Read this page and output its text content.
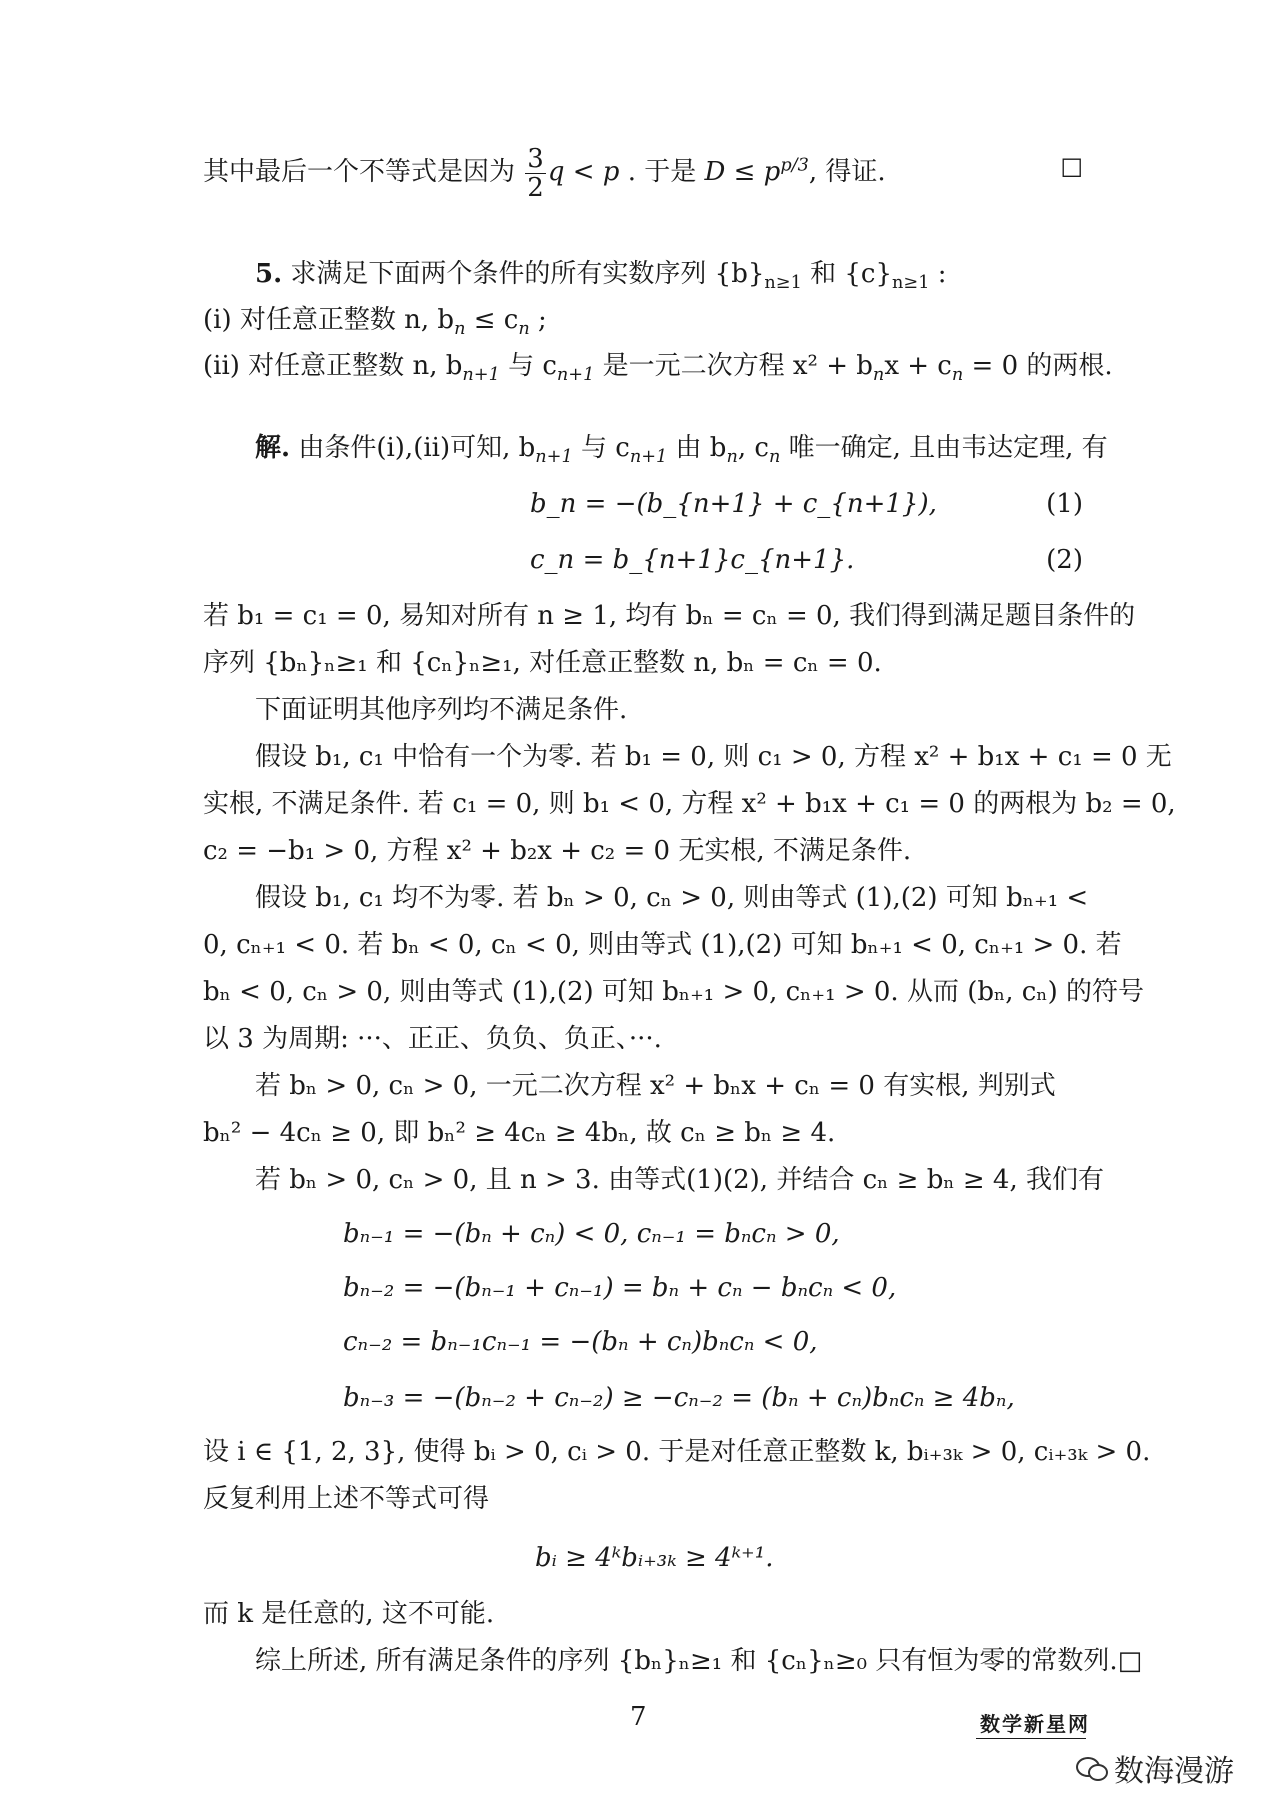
其中最后一个不等式是因为 $\frac{3}{2}$ q < p . 于是 $D \le p^{p/3}$, 得证.	□
5. 求满足下面两个条件的所有实数序列 $\{b\}_{n\ge 1}$ 和 $\{c\}_{n\ge 1}$ :
(i) 对任意正整数 n, $b_n \le c_n$ ;
(ii) 对任意正整数 n, $b_{n+1}$ 与 $c_{n+1}$ 是一元二次方程 $x^2 + b_nx + c_n = 0$ 的两根.
解. 由条件(i),(ii)可知, $b_{n+1}$ 与 $c_{n+1}$ 由 $b_n$, $c_n$ 唯一确定, 且由韦达定理, 有
b_n = −(b_{n+1} + c_{n+1}),	(1)
c_n = b_{n+1}c_{n+1}.	(2)
若 b₁ = c₁ = 0, 易知对所有 n ≥ 1, 均有 bₙ = cₙ = 0, 我们得到满足题目条件的
序列 {bₙ}ₙ≥₁ 和 {cₙ}ₙ≥₁, 对任意正整数 n, bₙ = cₙ = 0.
下面证明其他序列均不满足条件.
假设 b₁, c₁ 中恰有一个为零. 若 b₁ = 0, 则 c₁ > 0, 方程 x² + b₁x + c₁ = 0 无
实根, 不满足条件. 若 c₁ = 0, 则 b₁ < 0, 方程 x² + b₁x + c₁ = 0 的两根为 b₂ = 0,
c₂ = −b₁ > 0, 方程 x² + b₂x + c₂ = 0 无实根, 不满足条件.
假设 b₁, c₁ 均不为零. 若 bₙ > 0, cₙ > 0, 则由等式 (1),(2) 可知 bₙ₊₁ <
0, cₙ₊₁ < 0. 若 bₙ < 0, cₙ < 0, 则由等式 (1),(2) 可知 bₙ₊₁ < 0, cₙ₊₁ > 0. 若
bₙ < 0, cₙ > 0, 则由等式 (1),(2) 可知 bₙ₊₁ > 0, cₙ₊₁ > 0. 从而 (bₙ, cₙ) 的符号
以 3 为周期: ···、正正、负负、负正、···.
若 bₙ > 0, cₙ > 0, 一元二次方程 x² + bₙx + cₙ = 0 有实根, 判别式
bₙ² − 4cₙ ≥ 0, 即 bₙ² ≥ 4cₙ ≥ 4bₙ, 故 cₙ ≥ bₙ ≥ 4.
若 bₙ > 0, cₙ > 0, 且 n > 3. 由等式(1)(2), 并结合 cₙ ≥ bₙ ≥ 4, 我们有
bₙ₋₁ = −(bₙ + cₙ) < 0, cₙ₋₁ = bₙcₙ > 0,
bₙ₋₂ = −(bₙ₋₁ + cₙ₋₁) = bₙ + cₙ − bₙcₙ < 0,
cₙ₋₂ = bₙ₋₁cₙ₋₁ = −(bₙ + cₙ)bₙcₙ < 0,
bₙ₋₃ = −(bₙ₋₂ + cₙ₋₂) ≥ −cₙ₋₂ = (bₙ + cₙ)bₙcₙ ≥ 4bₙ,
设 i ∈ {1, 2, 3}, 使得 bᵢ > 0, cᵢ > 0. 于是对任意正整数 k, bᵢ₊₃ₖ > 0, cᵢ₊₃ₖ > 0.
反复利用上述不等式可得
bᵢ ≥ 4ᵏbᵢ₊₃ₖ ≥ 4ᵏ⁺¹.
而 k 是任意的, 这不可能.
综上所述, 所有满足条件的序列 {bₙ}ₙ≥₁ 和 {cₙ}ₙ≥₀ 只有恒为零的常数列.□
7	数学新星网
数海漫游
